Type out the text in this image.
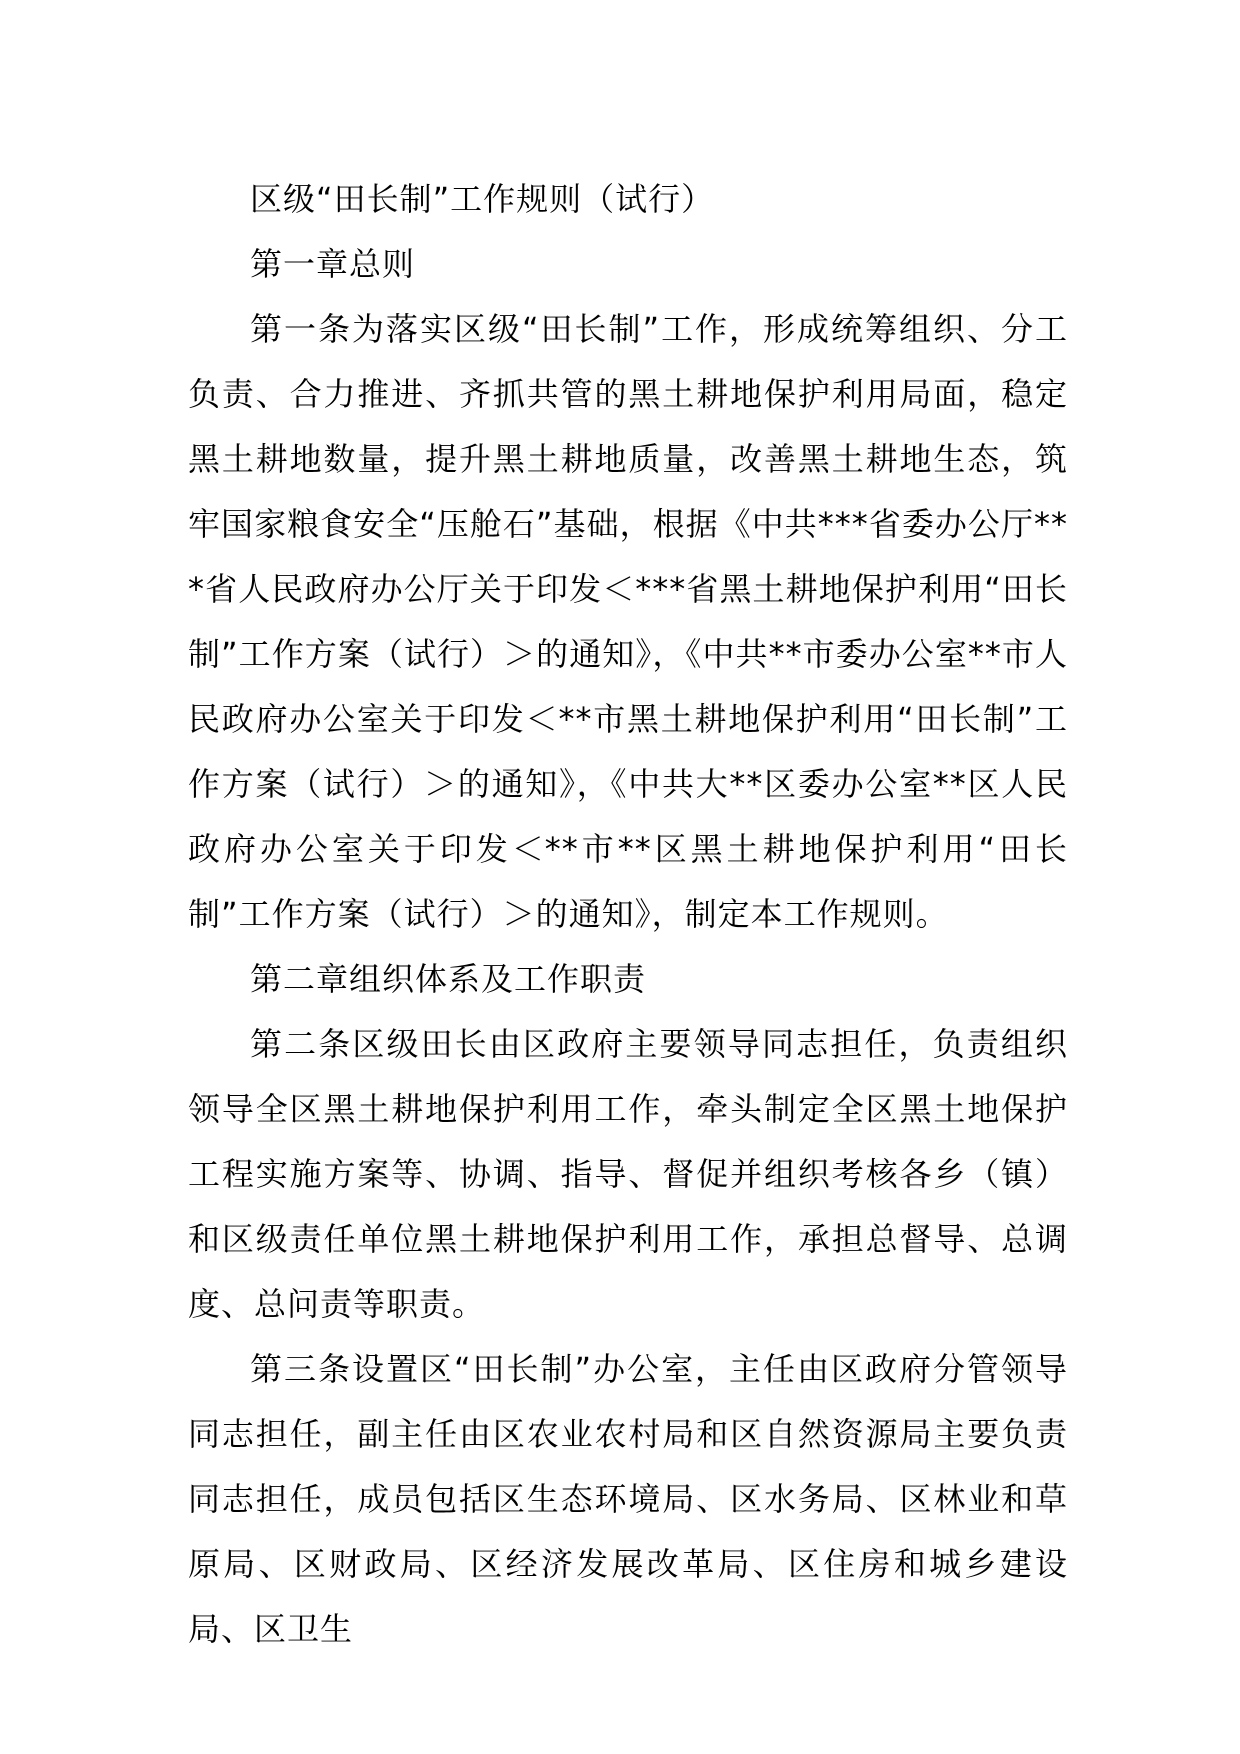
区级“田长制”工作规则（试行）

第一章总则

第一条为落实区级“田长制”工作，形成统筹组织、分工负责、合力推进、齐抓共管的黑土耕地保护利用局面，稳定黑土耕地数量，提升黑土耕地质量，改善黑土耕地生态，筑牢国家粮食安全“压舱石”基础，根据《中共***省委办公厅***省人民政府办公厅关于印发＜***省黑土耕地保护利用“田长制”工作方案（试行）＞的通知》，《中共**市委办公室**市人民政府办公室关于印发＜**市黑土耕地保护利用“田长制”工作方案（试行）＞的通知》，《中共大**区委办公室**区人民政府办公室关于印发＜**市**区黑土耕地保护利用“田长制”工作方案（试行）＞的通知》，制定本工作规则。

第二章组织体系及工作职责

第二条区级田长由区政府主要领导同志担任，负责组织领导全区黑土耕地保护利用工作，牵头制定全区黑土地保护工程实施方案等、协调、指导、督促并组织考核各乡（镇）和区级责任单位黑土耕地保护利用工作，承担总督导、总调度、总问责等职责。

第三条设置区“田长制”办公室，主任由区政府分管领导同志担任，副主任由区农业农村局和区自然资源局主要负责同志担任，成员包括区生态环境局、区水务局、区林业和草原局、区财政局、区经济发展改革局、区住房和城乡建设局、区卫生
